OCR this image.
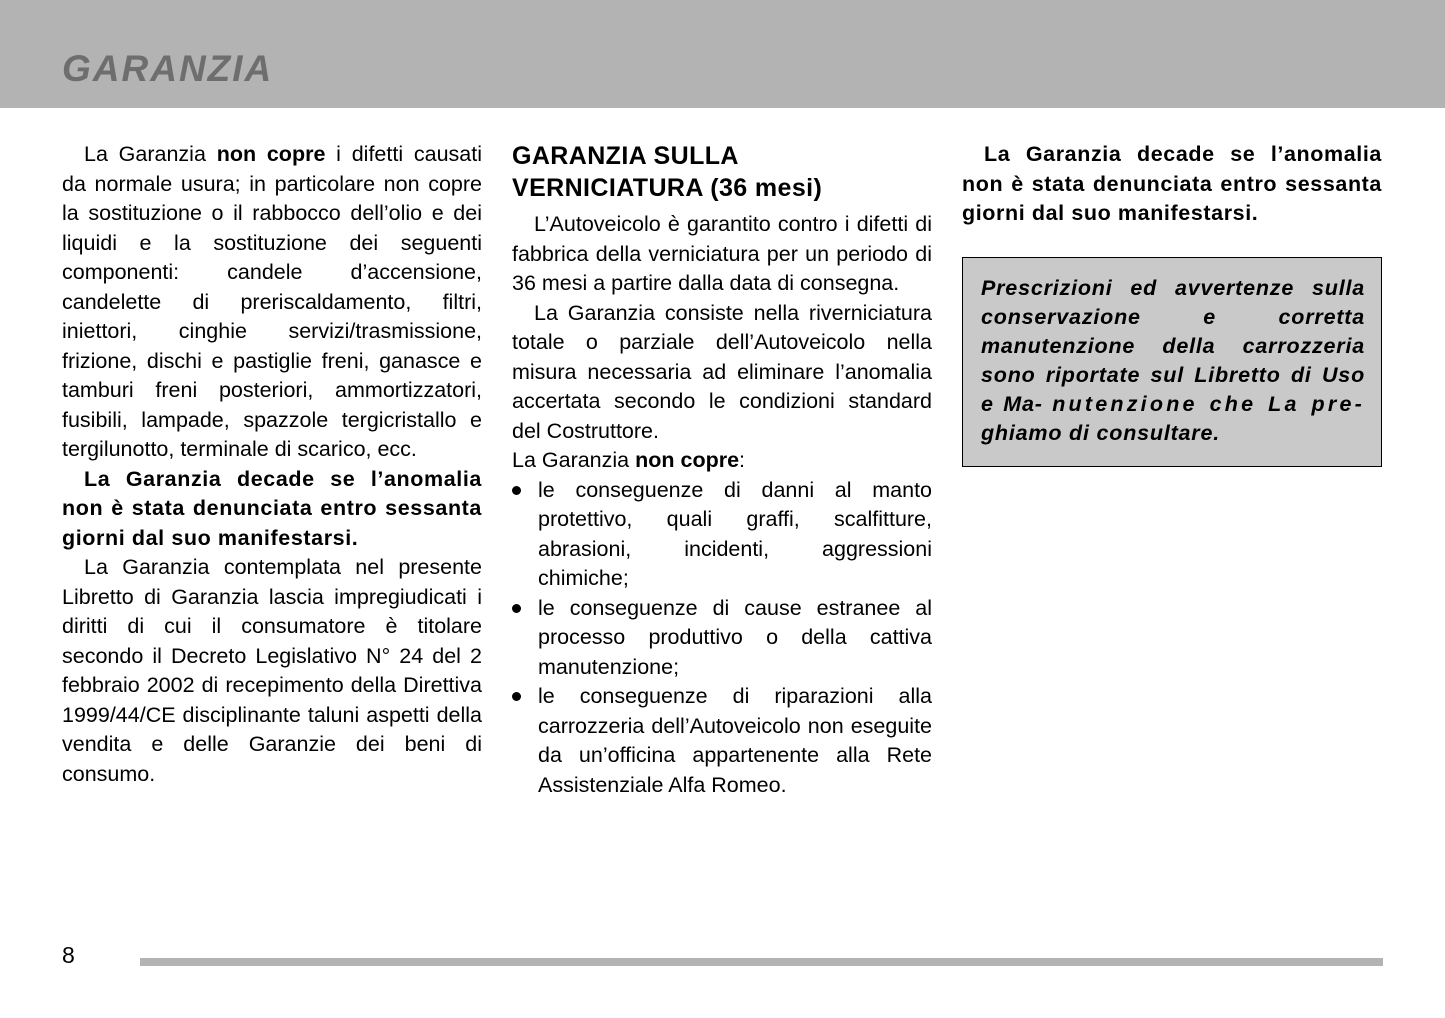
GARANZIA

La Garanzia non copre i difetti causati da normale usura; in particolare non copre la sostituzione o il rabbocco dell’olio e dei liquidi e la sostituzione dei seguenti componenti: candele d’accensione, candelette di preriscaldamento, filtri, iniettori, cinghie servizi/trasmissione, frizione, dischi e pastiglie freni, ganasce e tamburi freni posteriori, ammortizzatori, fusibili, lampade, spazzole tergicristallo e tergilunotto, terminale di scarico, ecc.

La Garanzia decade se l’anomalia non è stata denunciata entro sessanta giorni dal suo manifestarsi.

La Garanzia contemplata nel presente Libretto di Garanzia lascia impregiudicati i diritti di cui il consumatore è titolare secondo il Decreto Legislativo N° 24 del 2 febbraio 2002 di recepimento della Direttiva 1999/44/CE disciplinante taluni aspetti della vendita e delle Garanzie dei beni di consumo.

GARANZIA SULLA
VERNICIATURA (36 mesi)

L’Autoveicolo è garantito contro i difetti di fabbrica della verniciatura per un periodo di 36 mesi a partire dalla data di consegna.

La Garanzia consiste nella riverniciatura totale o parziale dell’Autoveicolo nella misura necessaria ad eliminare l’anomalia accertata secondo le condizioni standard del Costruttore.

La Garanzia non copre:

le conseguenze di danni al manto protettivo, quali graffi, scalfitture, abrasioni, incidenti, aggressioni chimiche;
le conseguenze di cause estranee al processo produttivo o della cattiva manutenzione;
le conseguenze di riparazioni alla carrozzeria dell’Autoveicolo non eseguite da un’officina appartenente alla Rete Assistenziale Alfa Romeo.

La Garanzia decade se l’anomalia non è stata denunciata entro sessanta giorni dal suo manifestarsi.

Prescrizioni ed avvertenze sulla conservazione e corretta manutenzione della carrozzeria sono riportate sul Libretto di Uso e Ma- nutenzione che La pre- ghiamo di consultare.
8
